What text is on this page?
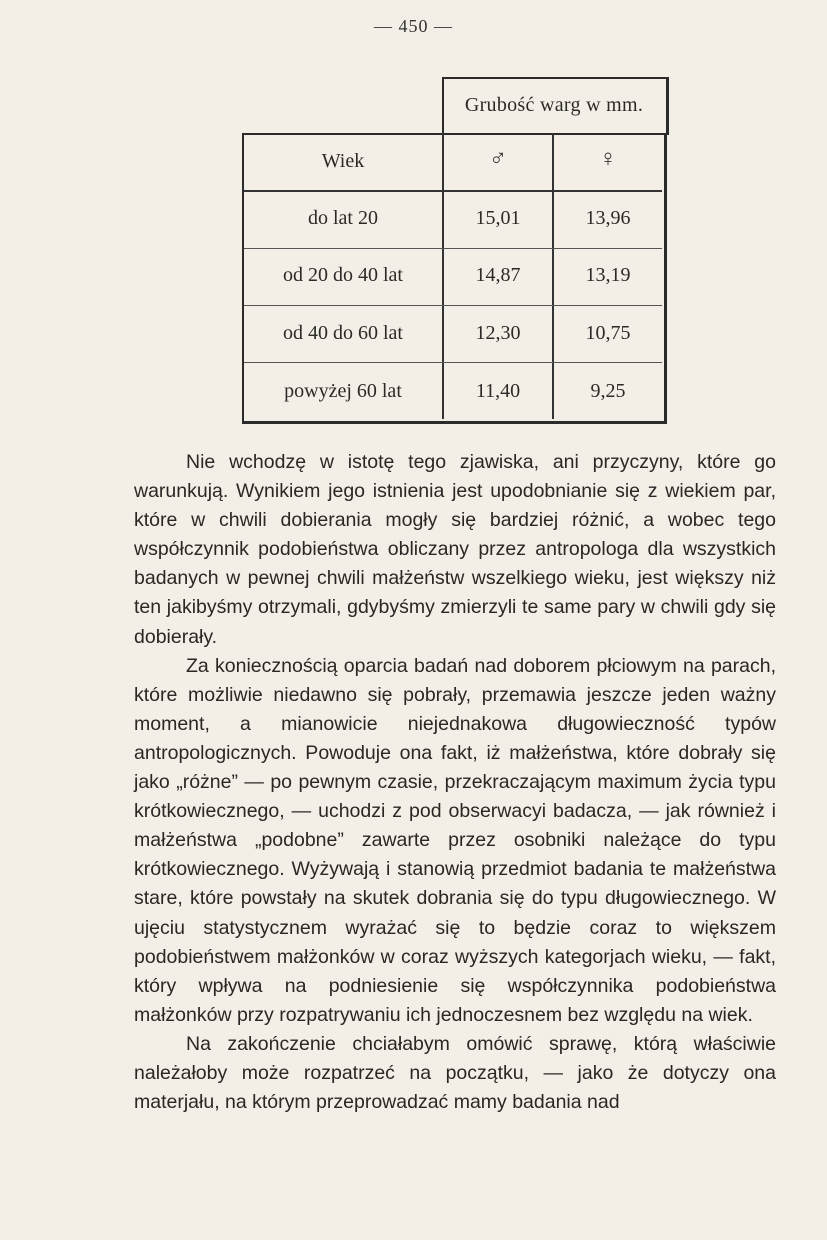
— 450 —
Grubość warg w mm.
Wiek	♂	♀
do lat 20	15,01	13,96
od 20 do 40 lat	14,87	13,19
od 40 do 60 lat	12,30	10,75
powyżej 60 lat	11,40	9,25

Nie wchodzę w istotę tego zjawiska, ani przyczyny, które go warunkują. Wynikiem jego istnienia jest upodobnianie się z wiekiem par, które w chwili dobierania mogły się bardziej różnić, a wobec tego współczynnik podobieństwa obliczany przez antropologa dla wszystkich badanych w pewnej chwili małżeństw wszelkiego wieku, jest większy niż ten jakibyśmy otrzymali, gdybyśmy zmierzyli te same pary w chwili gdy się dobierały.

Za koniecznością oparcia badań nad doborem płciowym na parach, które możliwie niedawno się pobrały, przemawia jeszcze jeden ważny moment, a mianowicie niejednakowa długowieczność typów antropologicznych. Powoduje ona fakt, iż małżeństwa, które dobrały się jako „różne” — po pewnym czasie, przekraczającym maximum życia typu krótkowiecznego, — uchodzi z pod obserwacyi badacza, — jak również i małżeństwa „podobne” zawarte przez osobniki należące do typu krótkowiecznego. Wyżywają i stanowią przedmiot badania te małżeństwa stare, które powstały na skutek dobrania się do typu długowiecznego. W ujęciu statystycznem wyrażać się to będzie coraz to większem podobieństwem małżonków w coraz wyższych kategorjach wieku, — fakt, który wpływa na podniesienie się współczynnika podobieństwa małżonków przy rozpatrywaniu ich jednoczesnem bez względu na wiek.

Na zakończenie chciałabym omówić sprawę, którą właściwie należałoby może rozpatrzeć na początku, — jako że dotyczy ona materjału, na którym przeprowadzać mamy badania nad
